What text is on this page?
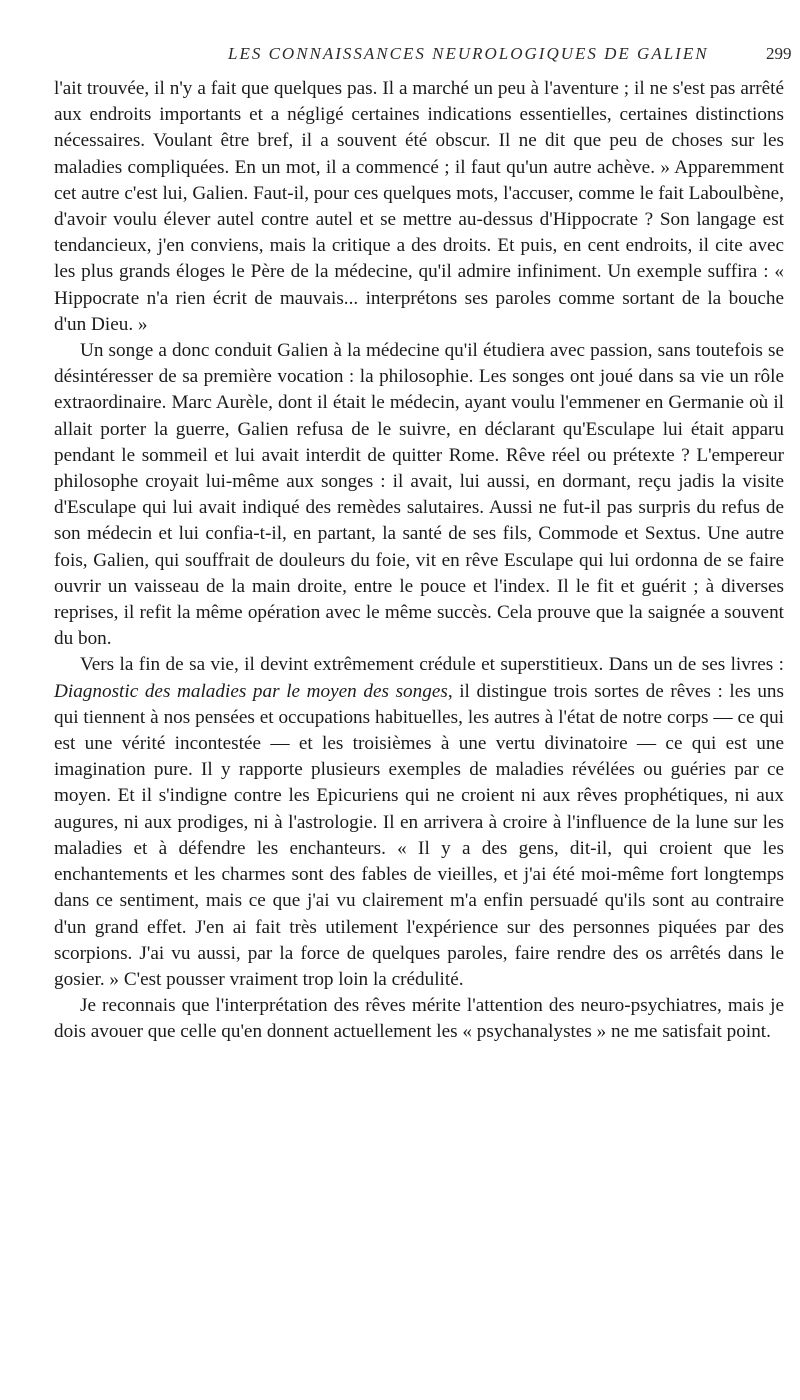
LES CONNAISSANCES NEUROLOGIQUES DE GALIEN	299

l'ait trouvée, il n'y a fait que quelques pas. Il a marché un peu à l'aventure ; il ne s'est pas arrêté aux endroits importants et a négligé certaines indications essentielles, certaines distinctions nécessaires. Voulant être bref, il a souvent été obscur. Il ne dit que peu de choses sur les maladies compliquées. En un mot, il a commencé ; il faut qu'un autre achève. » Apparemment cet autre c'est lui, Galien. Faut-il, pour ces quelques mots, l'accuser, comme le fait Laboulbène, d'avoir voulu élever autel contre autel et se mettre au-dessus d'Hippocrate ? Son langage est tendancieux, j'en conviens, mais la critique a des droits. Et puis, en cent endroits, il cite avec les plus grands éloges le Père de la médecine, qu'il admire infiniment. Un exemple suffira : « Hippocrate n'a rien écrit de mauvais... interprétons ses paroles comme sortant de la bouche d'un Dieu. »

Un songe a donc conduit Galien à la médecine qu'il étudiera avec passion, sans toutefois se désintéresser de sa première vocation : la philosophie. Les songes ont joué dans sa vie un rôle extraordinaire. Marc Aurèle, dont il était le médecin, ayant voulu l'emmener en Germanie où il allait porter la guerre, Galien refusa de le suivre, en déclarant qu'Esculape lui était apparu pendant le sommeil et lui avait interdit de quitter Rome. Rêve réel ou prétexte ? L'empereur philosophe croyait lui-même aux songes : il avait, lui aussi, en dormant, reçu jadis la visite d'Esculape qui lui avait indiqué des remèdes salutaires. Aussi ne fut-il pas surpris du refus de son médecin et lui confia-t-il, en partant, la santé de ses fils, Commode et Sextus. Une autre fois, Galien, qui souffrait de douleurs du foie, vit en rêve Esculape qui lui ordonna de se faire ouvrir un vaisseau de la main droite, entre le pouce et l'index. Il le fit et guérit ; à diverses reprises, il refit la même opération avec le même succès. Cela prouve que la saignée a souvent du bon.

Vers la fin de sa vie, il devint extrêmement crédule et superstitieux. Dans un de ses livres : Diagnostic des maladies par le moyen des songes, il distingue trois sortes de rêves : les uns qui tiennent à nos pensées et occupations habituelles, les autres à l'état de notre corps — ce qui est une vérité incontestée — et les troisièmes à une vertu divinatoire — ce qui est une imagination pure. Il y rapporte plusieurs exemples de maladies révélées ou guéries par ce moyen. Et il s'indigne contre les Epicuriens qui ne croient ni aux rêves prophétiques, ni aux augures, ni aux prodiges, ni à l'astrologie. Il en arrivera à croire à l'influence de la lune sur les maladies et à défendre les enchanteurs. « Il y a des gens, dit-il, qui croient que les enchantements et les charmes sont des fables de vieilles, et j'ai été moi-même fort longtemps dans ce sentiment, mais ce que j'ai vu clairement m'a enfin persuadé qu'ils sont au contraire d'un grand effet. J'en ai fait très utilement l'expérience sur des personnes piquées par des scorpions. J'ai vu aussi, par la force de quelques paroles, faire rendre des os arrêtés dans le gosier. » C'est pousser vraiment trop loin la crédulité.

Je reconnais que l'interprétation des rêves mérite l'attention des neuro-psychiatres, mais je dois avouer que celle qu'en donnent actuellement les « psychanalystes » ne me satisfait point.
